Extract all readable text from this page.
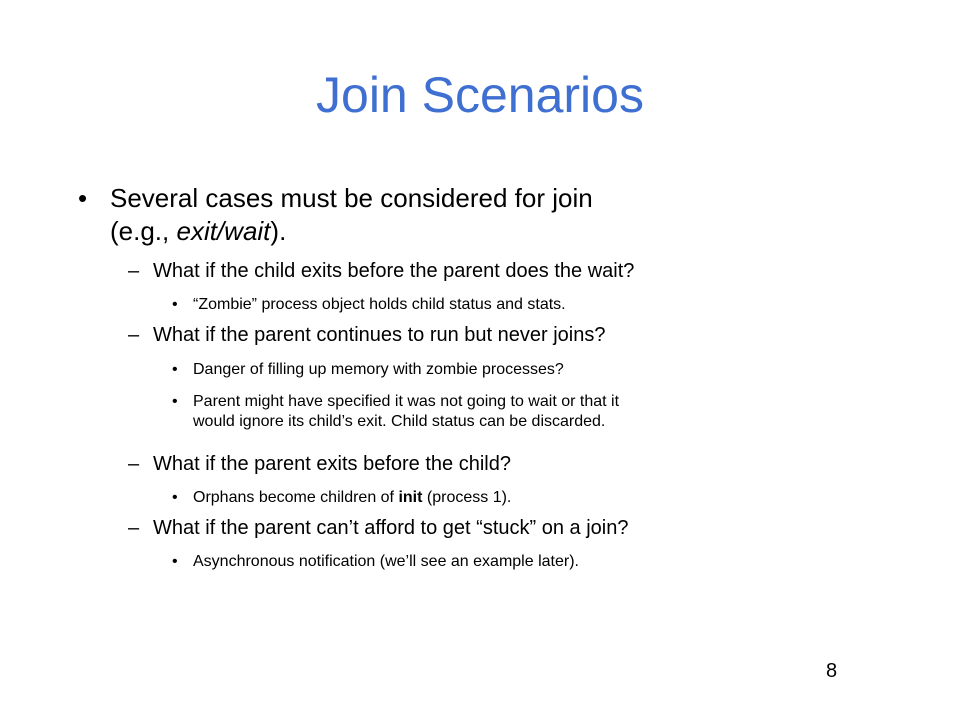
Join Scenarios
• Several cases must be considered for join
(e.g., exit/wait).
– What if the child exits before the parent does the wait?
• “Zombie” process object holds child status and stats.
– What if the parent continues to run but never joins?
• Danger of filling up memory with zombie processes?
• Parent might have specified it was not going to wait or that it
would ignore its child’s exit. Child status can be discarded.
– What if the parent exits before the child?
• Orphans become children of init (process 1).
– What if the parent can’t afford to get “stuck” on a join?
• Asynchronous notification (we’ll see an example later).
8
